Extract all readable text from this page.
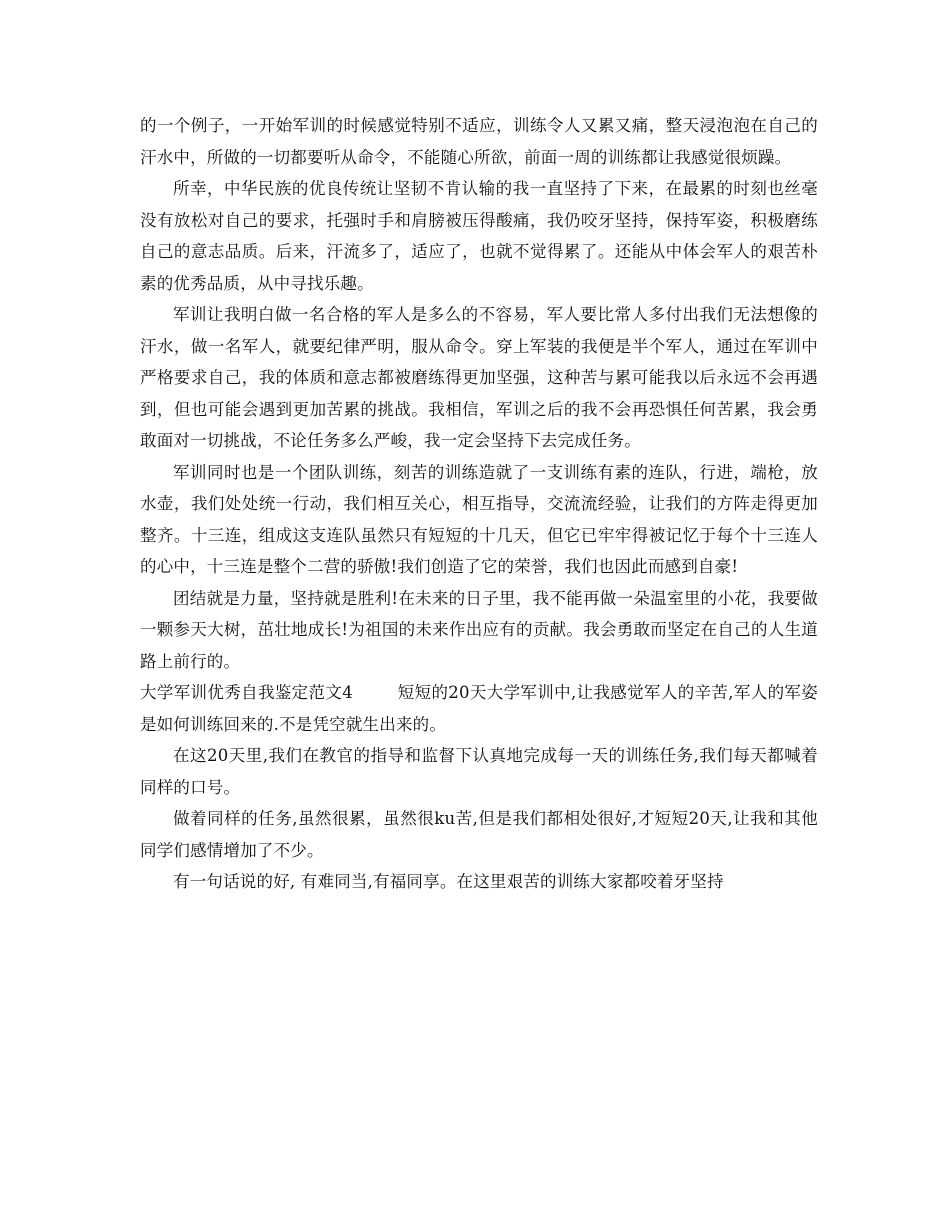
的一个例子，一开始军训的时候感觉特别不适应，训练令人又累又痛，整天浸泡泡在自己的汗水中，所做的一切都要听从命令，不能随心所欲，前面一周的训练都让我感觉很烦躁。

所幸，中华民族的优良传统让坚韧不肯认输的我一直坚持了下来，在最累的时刻也丝毫没有放松对自己的要求，托强时手和肩膀被压得酸痛，我仍咬牙坚持，保持军姿，积极磨练自己的意志品质。后来，汗流多了，适应了，也就不觉得累了。还能从中体会军人的艰苦朴素的优秀品质，从中寻找乐趣。

军训让我明白做一名合格的军人是多么的不容易，军人要比常人多付出我们无法想像的汗水，做一名军人，就要纪律严明，服从命令。穿上军装的我便是半个军人，通过在军训中严格要求自己，我的体质和意志都被磨练得更加坚强，这种苦与累可能我以后永远不会再遇到，但也可能会遇到更加苦累的挑战。我相信，军训之后的我不会再恐惧任何苦累，我会勇敢面对一切挑战，不论任务多么严峻，我一定会坚持下去完成任务。

军训同时也是一个团队训练，刻苦的训练造就了一支训练有素的连队，行进，端枪，放水壶，我们处处统一行动，我们相互关心，相互指导，交流流经验，让我们的方阵走得更加整齐。十三连，组成这支连队虽然只有短短的十几天，但它已牢牢得被记忆于每个十三连人的心中，十三连是整个二营的骄傲!我们创造了它的荣誉，我们也因此而感到自豪!

团结就是力量，坚持就是胜利!在未来的日子里，我不能再做一朵温室里的小花，我要做一颗参天大树，茁壮地成长!为祖国的未来作出应有的贡献。我会勇敢而坚定在自己的人生道路上前行的。

大学军训优秀自我鉴定范文4	短短的20天大学军训中,让我感觉军人的辛苦,军人的军姿是如何训练回来的.不是凭空就生出来的。

在这20天里,我们在教官的指导和监督下认真地完成每一天的训练任务,我们每天都喊着同样的口号。

做着同样的任务,虽然很累，虽然很ku苦,但是我们都相处很好,才短短20天,让我和其他同学们感情增加了不少。

有一句话说的好, 有难同当,有福同享。在这里艰苦的训练大家都咬着牙坚持
